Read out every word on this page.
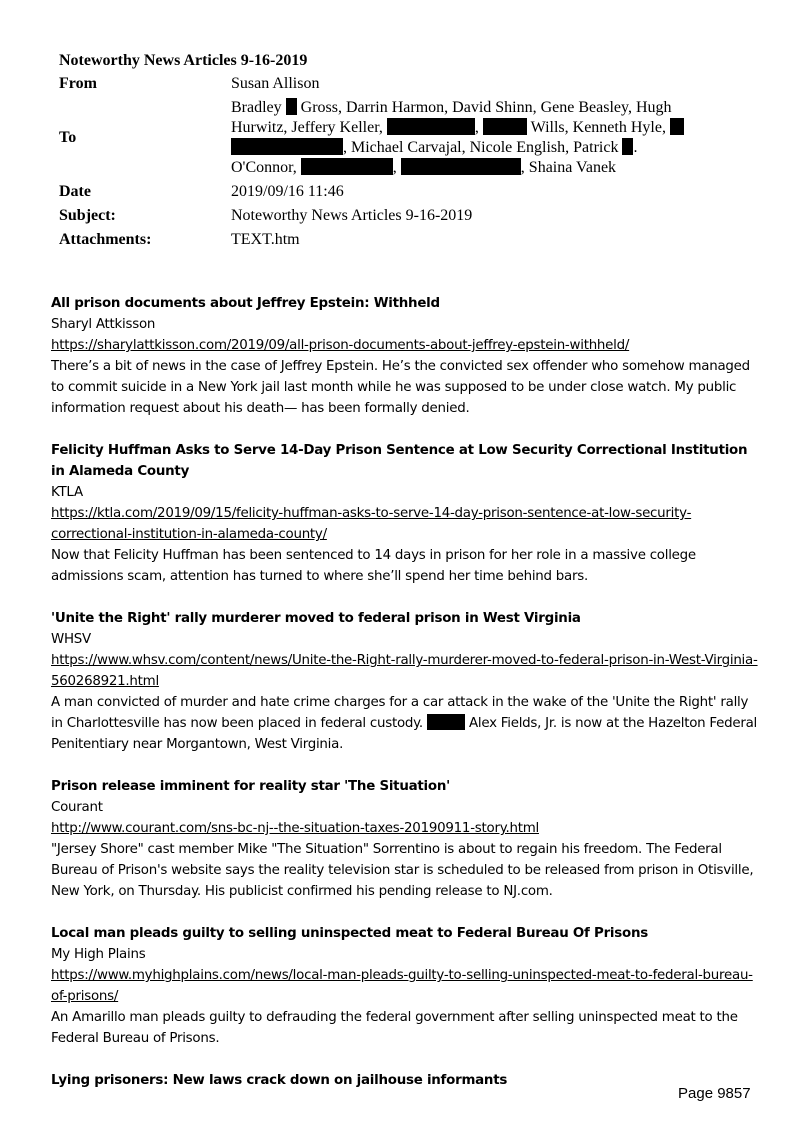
Noteworthy News Articles 9-16-2019
From	Susan Allison
To
Bradley Gross, Darrin Harmon, David Shinn, Gene Beasley, Hugh
Hurwitz, Jeffery Keller,	,	Wills, Kenneth Hyle,
, Michael Carvajal, Nicole English, Patrick .
O'Connor,	,	, Shaina Vanek
Date	2019/09/16 11:46
Subject:	Noteworthy News Articles 9-16-2019
Attachments:	TEXT.htm
All prison documents about Jeffrey Epstein: Withheld
Sharyl Attkisson
https://sharylattkisson.com/2019/09/all-prison-documents-about-jeffrey-epstein-withheld/
There’s a bit of news in the case of Jeffrey Epstein. He’s the convicted sex offender who somehow managed to commit suicide in a New York jail last month while he was supposed to be under close watch. My public information request about his death— has been formally denied.
Felicity Huffman Asks to Serve 14-Day Prison Sentence at Low Security Correctional Institution in Alameda County
KTLA
https://ktla.com/2019/09/15/felicity-huffman-asks-to-serve-14-day-prison-sentence-at-low-security-correctional-institution-in-alameda-county/
Now that Felicity Huffman has been sentenced to 14 days in prison for her role in a massive college admissions scam, attention has turned to where she’ll spend her time behind bars.
'Unite the Right' rally murderer moved to federal prison in West Virginia
WHSV
https://www.whsv.com/content/news/Unite-the-Right-rally-murderer-moved-to-federal-prison-in-West-Virginia-560268921.html
A man convicted of murder and hate crime charges for a car attack in the wake of the 'Unite the Right' rally in Charlottesville has now been placed in federal custody.	Alex Fields, Jr. is now at the Hazelton Federal Penitentiary near Morgantown, West Virginia.
Prison release imminent for reality star 'The Situation'
Courant
http://www.courant.com/sns-bc-nj--the-situation-taxes-20190911-story.html
"Jersey Shore" cast member Mike "The Situation" Sorrentino is about to regain his freedom. The Federal Bureau of Prison's website says the reality television star is scheduled to be released from prison in Otisville, New York, on Thursday. His publicist confirmed his pending release to NJ.com.
Local man pleads guilty to selling uninspected meat to Federal Bureau Of Prisons
My High Plains
https://www.myhighplains.com/news/local-man-pleads-guilty-to-selling-uninspected-meat-to-federal-bureau-of-prisons/
An Amarillo man pleads guilty to defrauding the federal government after selling uninspected meat to the Federal Bureau of Prisons.
Lying prisoners: New laws crack down on jailhouse informants
Page 9857
